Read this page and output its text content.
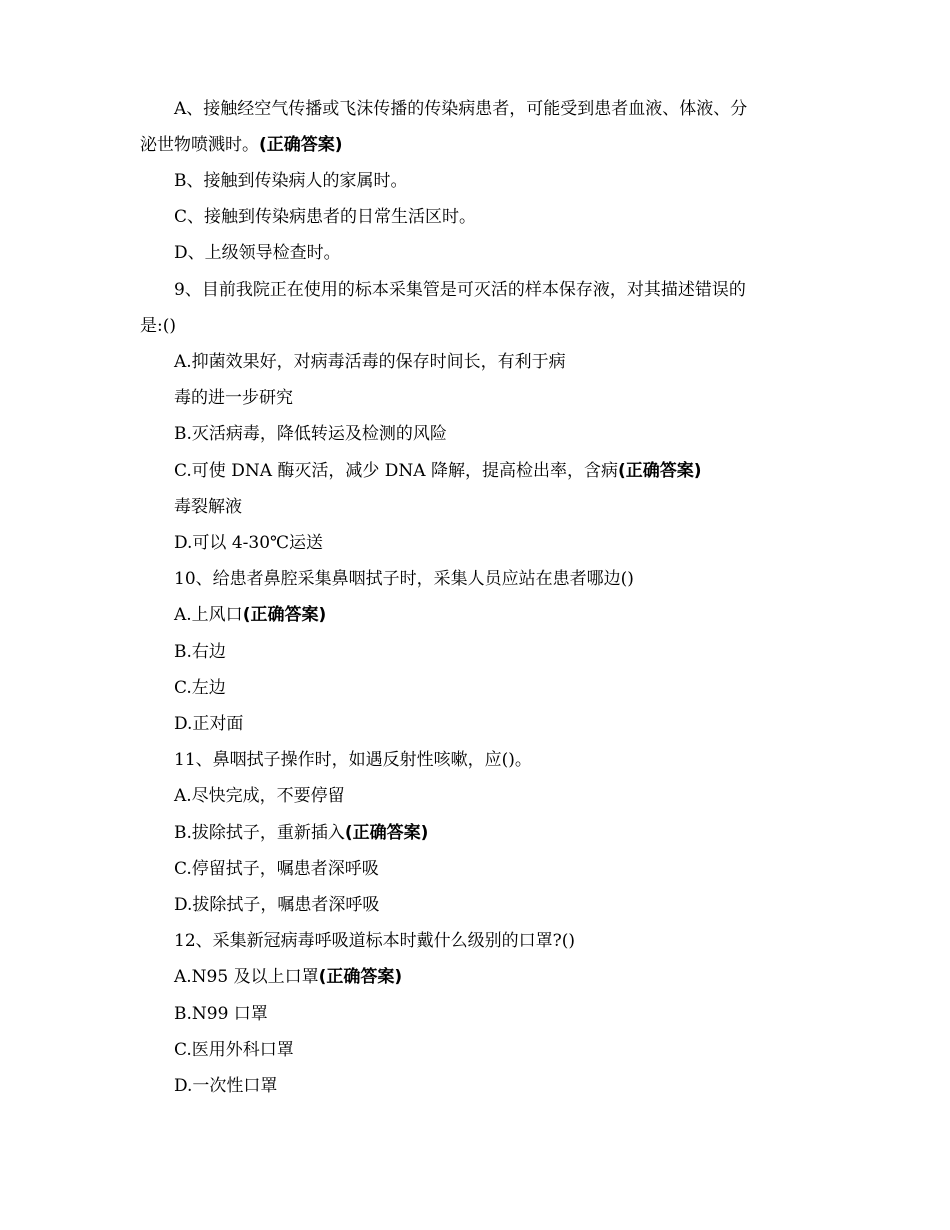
A、接触经空气传播或飞沫传播的传染病患者，可能受到患者血液、体液、分
泌世物喷溅时。(正确答案)
B、接触到传染病人的家属时。
C、接触到传染病患者的日常生活区时。
D、上级领导检查时。
9、目前我院正在使用的标本采集管是可灭活的样本保存液，对其描述错误的
是:()
A.抑菌效果好，对病毒活毒的保存时间长，有利于病
毒的进一步研究
B.灭活病毒，降低转运及检测的风险
C.可使 DNA 酶灭活，减少 DNA 降解，提高检出率，含病(正确答案)
毒裂解液
D.可以 4-30℃运送
10、给患者鼻腔采集鼻咽拭子时，采集人员应站在患者哪边()
A.上风口(正确答案)
B.右边
C.左边
D.正对面
11、鼻咽拭子操作时，如遇反射性咳嗽，应()。
A.尽快完成，不要停留
B.拔除拭子，重新插入(正确答案)
C.停留拭子，嘱患者深呼吸
D.拔除拭子，嘱患者深呼吸
12、采集新冠病毒呼吸道标本时戴什么级别的口罩?()
A.N95 及以上口罩(正确答案)
B.N99 口罩
C.医用外科口罩
D.一次性口罩
